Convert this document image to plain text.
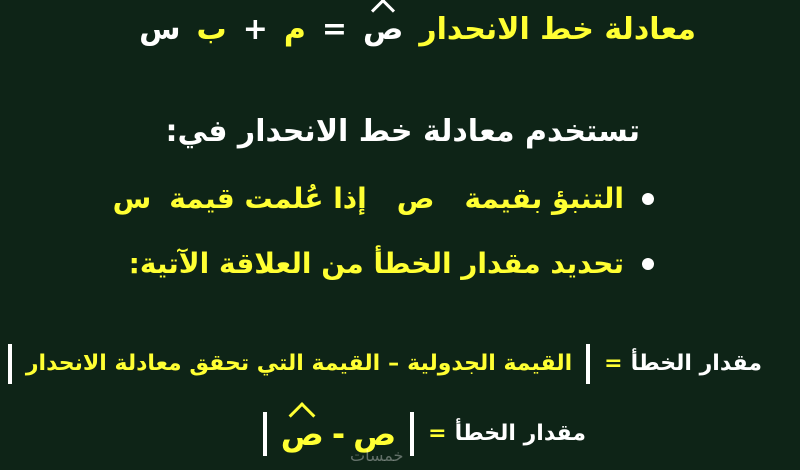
معادلة خط الانحدار
ص
=
م
+
ب
س
تستخدم معادلة خط الانحدار في:
التنبؤ بقيمة
ص
إذا عُلمت قيمة
س
تحديد مقدار الخطأ من العلاقة الآتية:
مقدار الخطأ
=
القيمة الجدولية
–
القيمة التي تحقق معادلة الانحدار
مقدار الخطأ
=
ص
-
ص
خمسات
